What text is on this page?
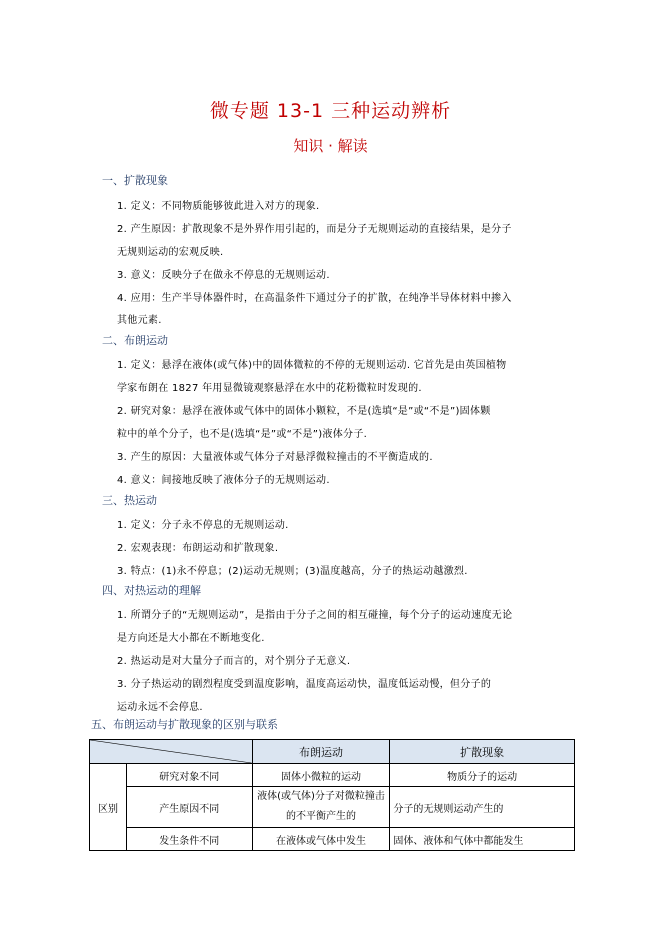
微专题 13-1 三种运动辨析
知识 · 解读
一、扩散现象
1. 定义：不同物质能够彼此进入对方的现象.
2. 产生原因：扩散现象不是外界作用引起的，而是分子无规则运动的直接结果，是分子
无规则运动的宏观反映.
3. 意义：反映分子在做永不停息的无规则运动.
4. 应用：生产半导体器件时，在高温条件下通过分子的扩散，在纯净半导体材料中掺入
其他元素.
二、布朗运动
1. 定义：悬浮在液体(或气体)中的固体微粒的不停的无规则运动. 它首先是由英国植物
学家布朗在 1827 年用显微镜观察悬浮在水中的花粉微粒时发现的.
2. 研究对象：悬浮在液体或气体中的固体小颗粒，不是(选填“是”或“不是”)固体颗
粒中的单个分子，也不是(选填“是”或“不是”)液体分子.
3. 产生的原因：大量液体或气体分子对悬浮微粒撞击的不平衡造成的.
4. 意义：间接地反映了液体分子的无规则运动.
三、热运动
1. 定义：分子永不停息的无规则运动.
2. 宏观表现：布朗运动和扩散现象.
3. 特点：(1)永不停息；(2)运动无规则；(3)温度越高，分子的热运动越激烈.
四、对热运动的理解
1. 所谓分子的“无规则运动”，是指由于分子之间的相互碰撞，每个分子的运动速度无论
是方向还是大小都在不断地变化.
2. 热运动是对大量分子而言的，对个别分子无意义.
3. 分子热运动的剧烈程度受到温度影响，温度高运动快，温度低运动慢，但分子的
运动永远不会停息.
五、布朗运动与扩散现象的区别与联系
	布朗运动	扩散现象
区别	研究对象不同	固体小微粒的运动	物质分子的运动
	产生原因不同	液体(或气体)分子对微粒撞击的不平衡产生的	分子的无规则运动产生的
	发生条件不同	在液体或气体中发生	固体、液体和气体中都能发生
